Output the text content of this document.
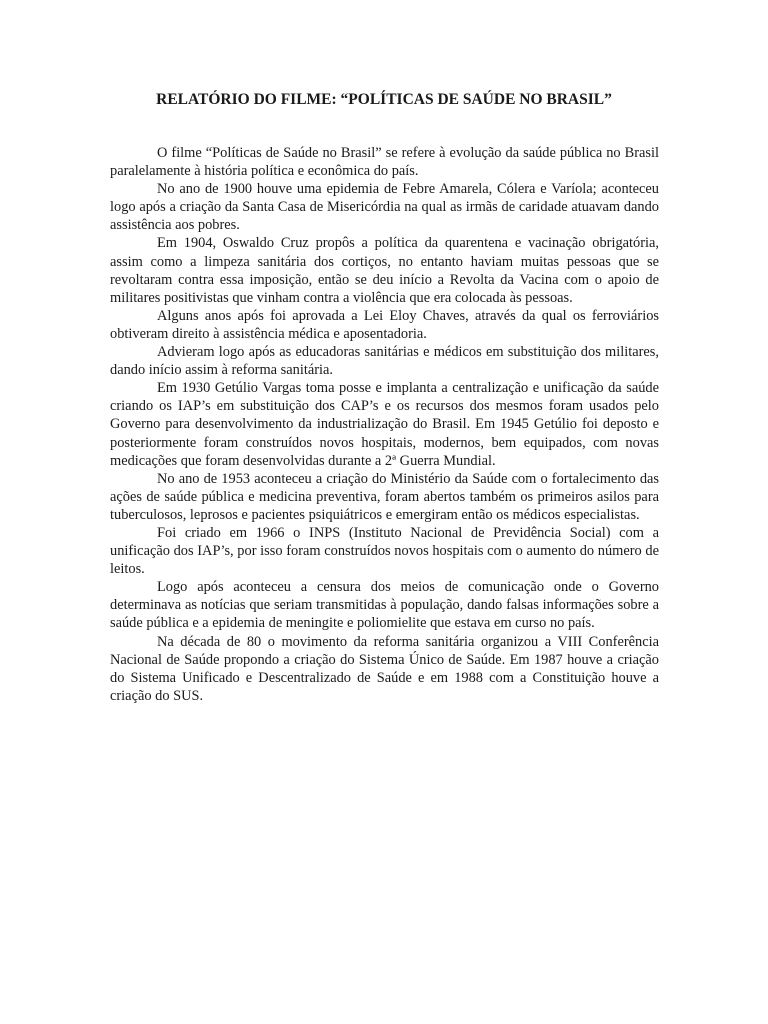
RELATÓRIO DO FILME: “POLÍTICAS DE SAÚDE NO BRASIL”

O filme “Políticas de Saúde no Brasil” se refere à evolução da saúde pública no Brasil paralelamente à história política e econômica do país.

No ano de 1900 houve uma epidemia de Febre Amarela, Cólera e Varíola; aconteceu logo após a criação da Santa Casa de Misericórdia na qual as irmãs de caridade atuavam dando assistência aos pobres.

Em 1904, Oswaldo Cruz propôs a política da quarentena e vacinação obrigatória, assim como a limpeza sanitária dos cortiços, no entanto haviam muitas pessoas que se revoltaram contra essa imposição, então se deu início a Revolta da Vacina com o apoio de militares positivistas que vinham contra a violência que era colocada às pessoas.

Alguns anos após foi aprovada a Lei Eloy Chaves, através da qual os ferroviários obtiveram direito à assistência médica e aposentadoria.

Advieram logo após as educadoras sanitárias e médicos em substituição dos militares, dando início assim à reforma sanitária.

Em 1930 Getúlio Vargas toma posse e implanta a centralização e unificação da saúde criando os IAP’s em substituição dos CAP’s e os recursos dos mesmos foram usados pelo Governo para desenvolvimento da industrialização do Brasil. Em 1945 Getúlio foi deposto e posteriormente foram construídos novos hospitais, modernos, bem equipados, com novas medicações que foram desenvolvidas durante a 2ª Guerra Mundial.

No ano de 1953 aconteceu a criação do Ministério da Saúde com o fortalecimento das ações de saúde pública e medicina preventiva, foram abertos também os primeiros asilos para tuberculosos, leprosos e pacientes psiquiátricos e emergiram então os médicos especialistas.

Foi criado em 1966 o INPS (Instituto Nacional de Previdência Social) com a unificação dos IAP’s, por isso foram construídos novos hospitais com o aumento do número de leitos.

Logo após aconteceu a censura dos meios de comunicação onde o Governo determinava as notícias que seriam transmitidas à população, dando falsas informações sobre a saúde pública e a epidemia de meningite e poliomielite que estava em curso no país.

Na década de 80 o movimento da reforma sanitária organizou a VIII Conferência Nacional de Saúde propondo a criação do Sistema Único de Saúde. Em 1987 houve a criação do Sistema Unificado e Descentralizado de Saúde e em 1988 com a Constituição houve a criação do SUS.
